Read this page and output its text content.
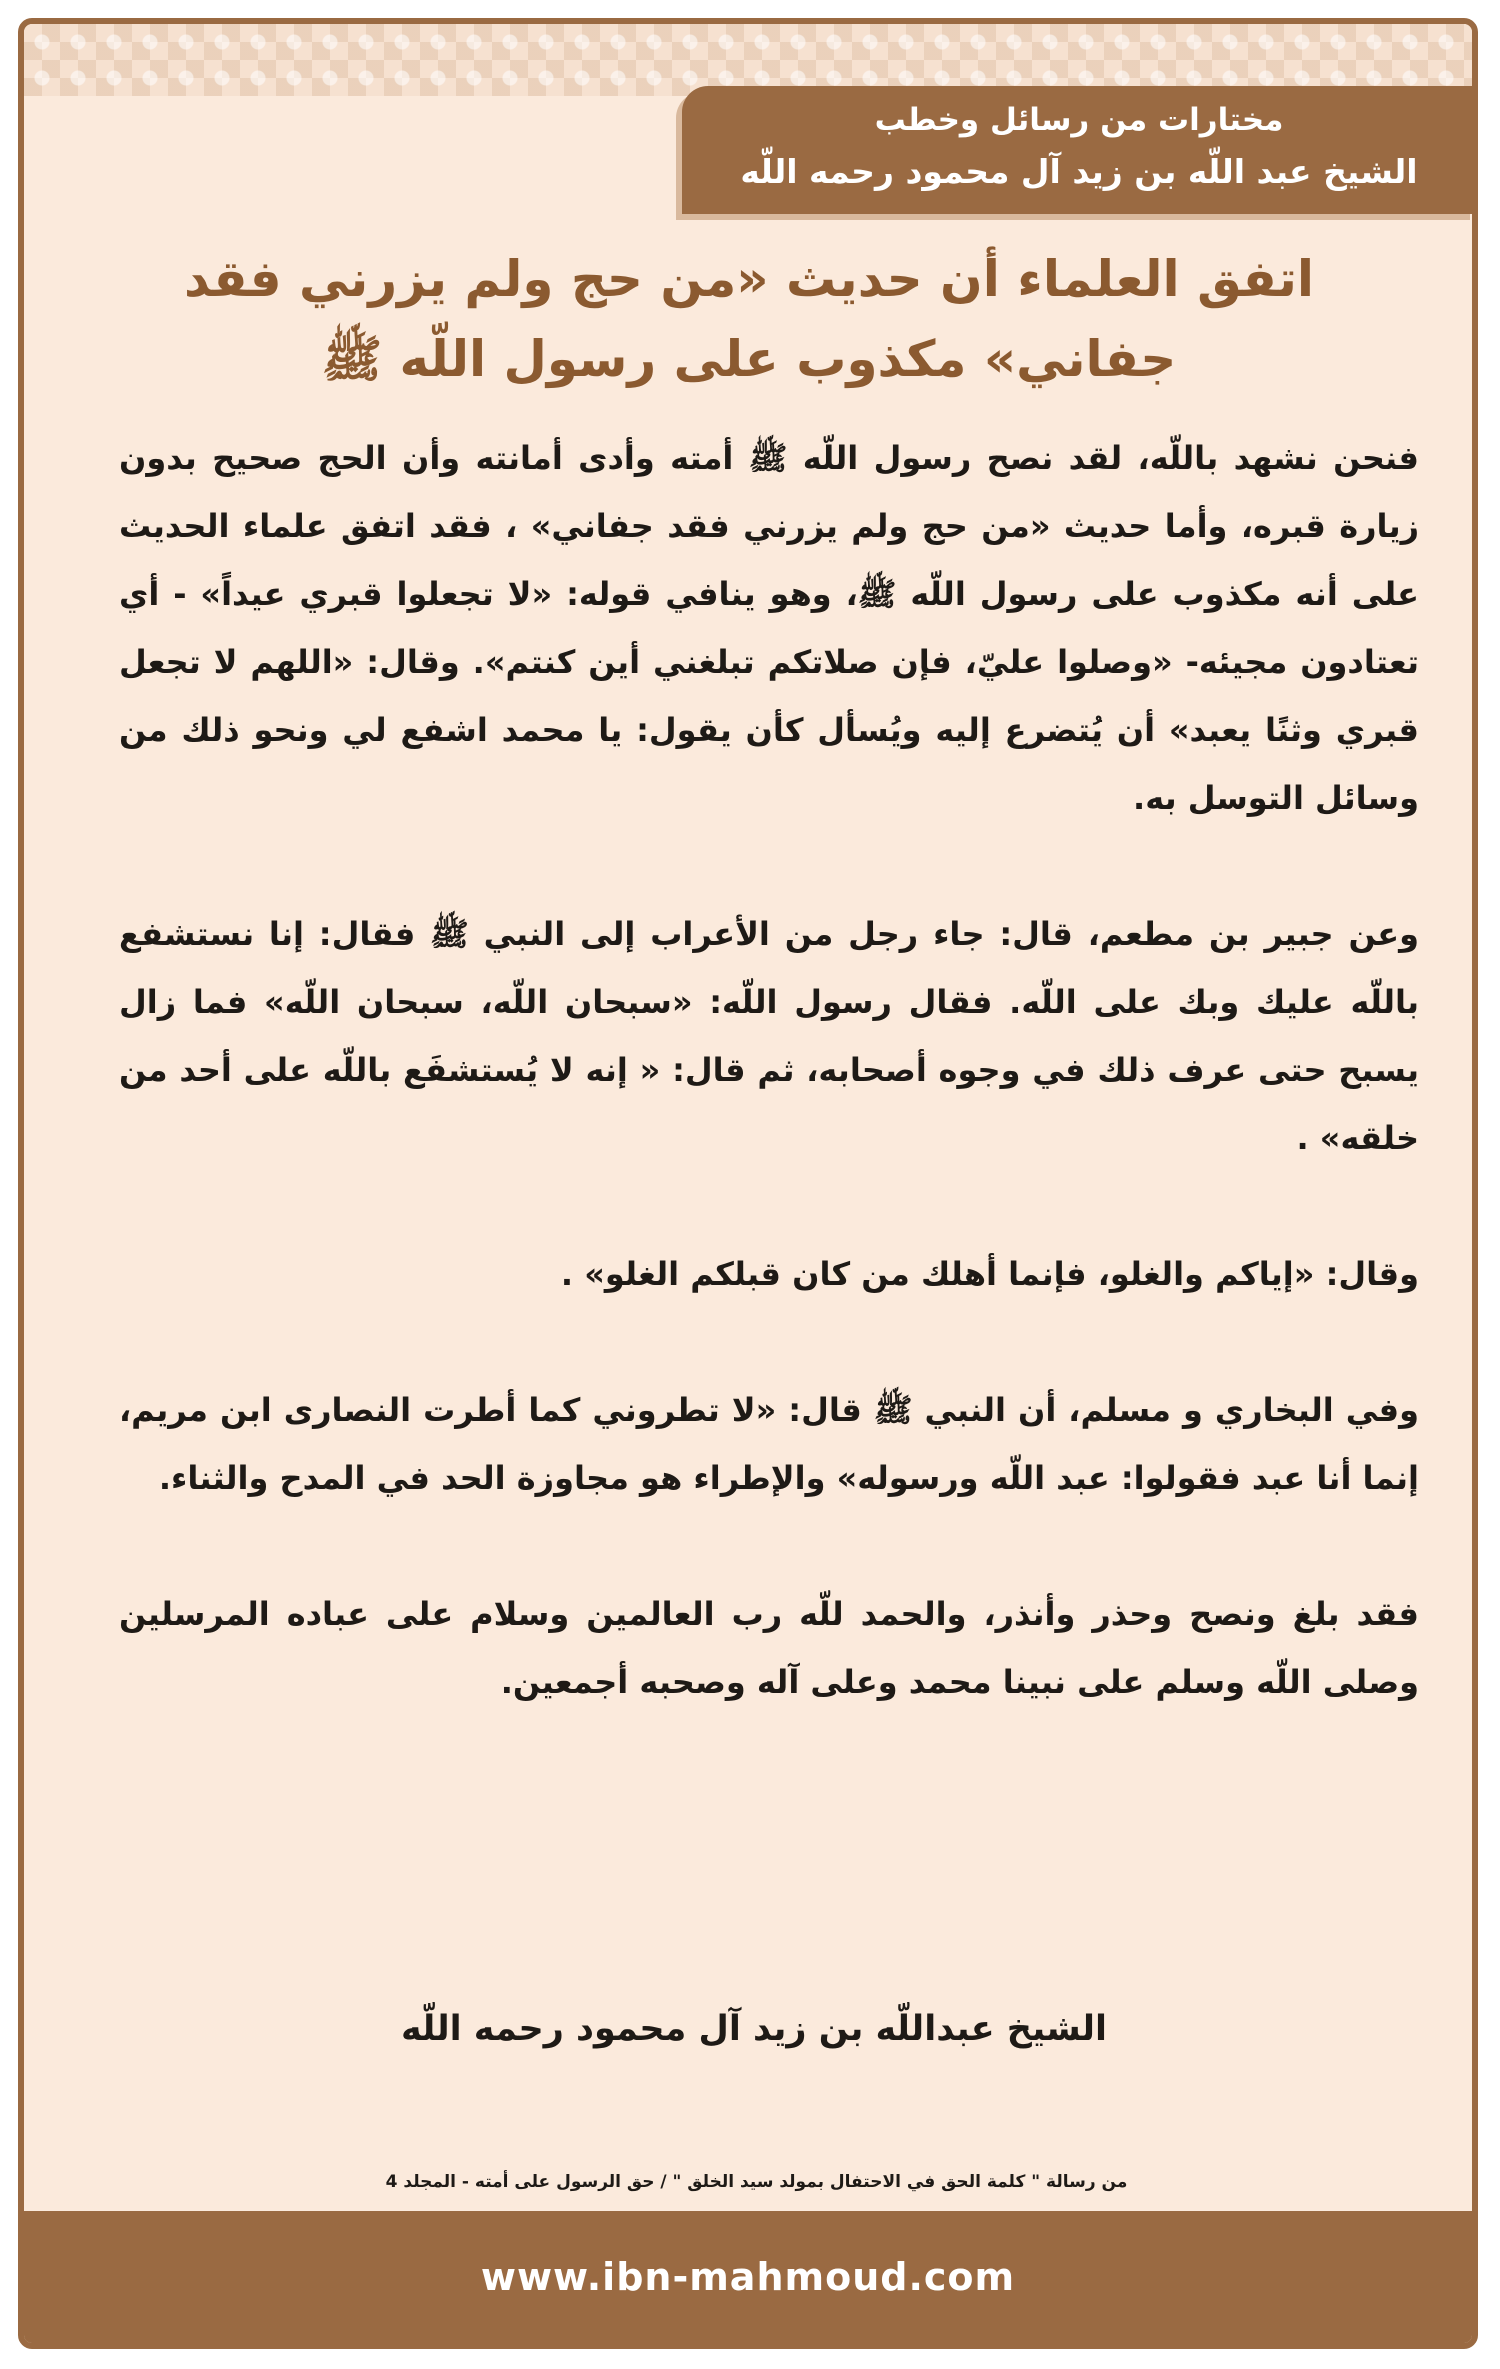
مختارات من رسائل وخطب
الشيخ عبد اللّه بن زيد آل محمود رحمه اللّه
اتفق العلماء أن حديث «من حج ولم يزرني فقد جفاني» مكذوب على رسول اللّه ﷺ

فنحن نشهد باللّه، لقد نصح رسول اللّه ﷺ أمته وأدى أمانته وأن الحج صحيح بدون زيارة قبره، وأما حديث «من حج ولم يزرني فقد جفاني» ، فقد اتفق علماء الحديث على أنه مكذوب على رسول اللّه ﷺ، وهو ينافي قوله: «لا تجعلوا قبري عيداً» - أي تعتادون مجيئه- «وصلوا عليّ، فإن صلاتكم تبلغني أين كنتم». وقال: «اللهم لا تجعل قبري وثنًا يعبد» أن يُتضرع إليه ويُسأل كأن يقول: يا محمد اشفع لي ونحو ذلك من وسائل التوسل به.

وعن جبير بن مطعم، قال: جاء رجل من الأعراب إلى النبي ﷺ فقال: إنا نستشفع باللّه عليك وبك على اللّه. فقال رسول اللّه: «سبحان اللّه، سبحان اللّه» فما زال يسبح حتى عرف ذلك في وجوه أصحابه، ثم قال: « إنه لا يُستشفَع باللّه على أحد من خلقه» .

وقال: «إياكم والغلو، فإنما أهلك من كان قبلكم الغلو» .

وفي البخاري و مسلم، أن النبي ﷺ قال: «لا تطروني كما أطرت النصارى ابن مريم، إنما أنا عبد فقولوا: عبد اللّه ورسوله» والإطراء هو مجاوزة الحد في المدح والثناء.

فقد بلغ ونصح وحذر وأنذر، والحمد للّه رب العالمين وسلام على عباده المرسلين وصلى اللّه وسلم على نبينا محمد وعلى آله وصحبه أجمعين.

الشيخ عبداللّه بن زيد آل محمود رحمه اللّه
من رسالة " كلمة الحق في الاحتفال بمولد سيد الخلق " / حق الرسول على أمته - المجلد 4
www.ibn-mahmoud.com
